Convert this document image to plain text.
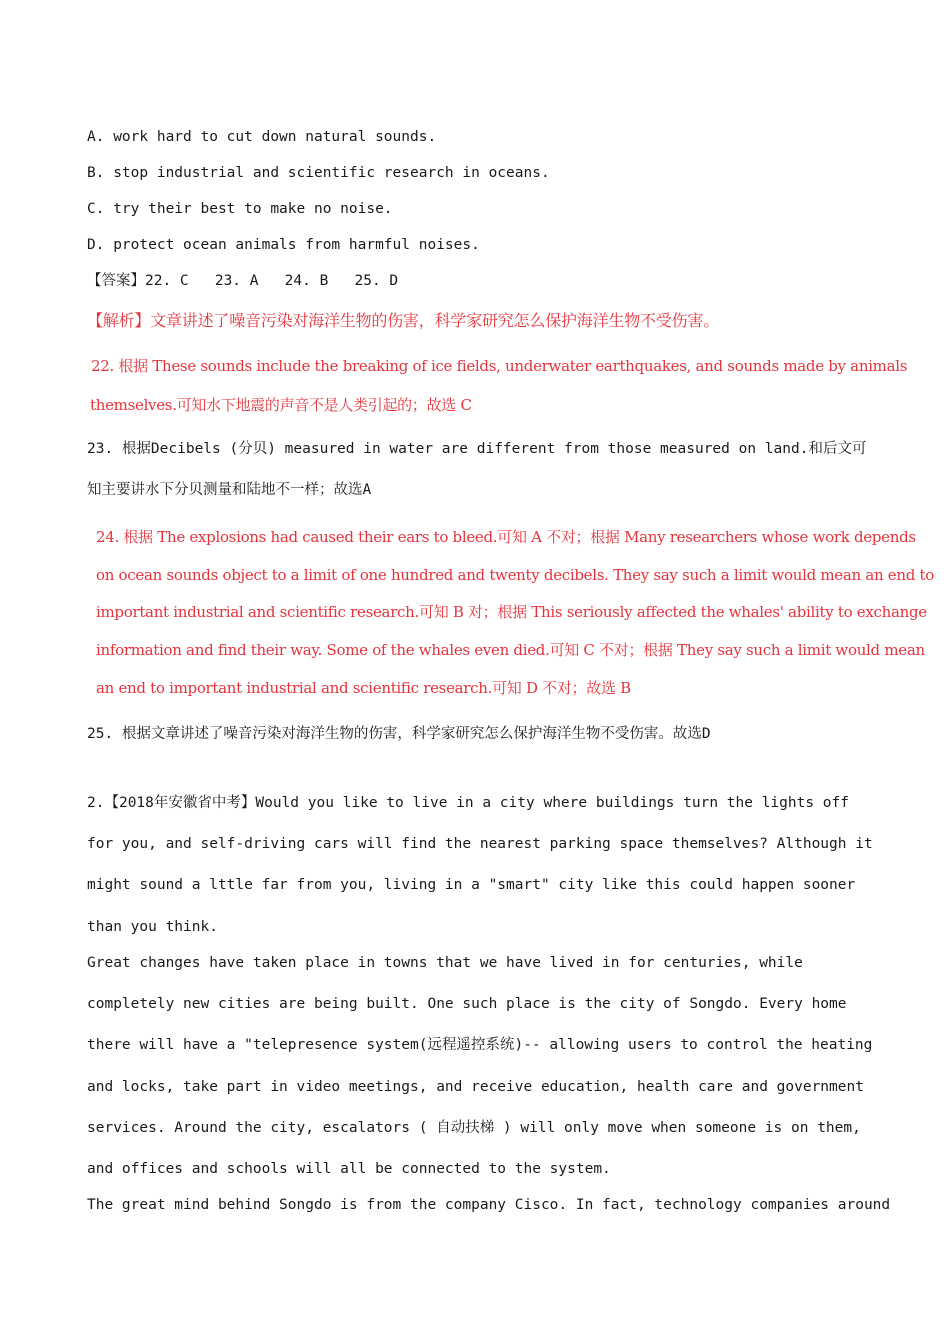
A. work hard to cut down natural sounds.
B. stop industrial and scientific research in oceans.
C. try their best to make no noise.
D. protect ocean animals from harmful noises.
【答案】22. C   23. A   24. B   25. D
【解析】文章讲述了噪音污染对海洋生物的伤害，科学家研究怎么保护海洋生物不受伤害。
22. 根据 These sounds include the breaking of ice fields, underwater earthquakes, and sounds made by animals
themselves.可知水下地震的声音不是人类引起的；故选 C
23. 根据Decibels (分贝) measured in water are different from those measured on land.和后文可
知主要讲水下分贝测量和陆地不一样；故选A
24. 根据 The explosions had caused their ears to bleed.可知 A 不对；根据 Many researchers whose work depends
on ocean sounds object to a limit of one hundred and twenty decibels. They say such a limit would mean an end to
important industrial and scientific research.可知 B 对；根据 This seriously affected the whales' ability to exchange
information and find their way. Some of the whales even died.可知 C 不对；根据 They say such a limit would mean
an end to important industrial and scientific research.可知 D 不对；故选 B
25. 根据文章讲述了噪音污染对海洋生物的伤害，科学家研究怎么保护海洋生物不受伤害。故选D
2.【2018年安徽省中考】Would you like to live in a city where buildings turn the lights off
for you, and self-driving cars will find the nearest parking space themselves? Although it
might sound a lttle far from you, living in a "smart" city like this could happen sooner
than you think.
Great changes have taken place in towns that we have lived in for centuries, while
completely new cities are being built. One such place is the city of Songdo. Every home
there will have a "telepresence system(远程遥控系统)-- allowing users to control the heating
and locks, take part in video meetings, and receive education, health care and government
services. Around the city, escalators ( 自动扶梯 ) will only move when someone is on them,
and offices and schools will all be connected to the system.
The great mind behind Songdo is from the company Cisco. In fact, technology companies around
